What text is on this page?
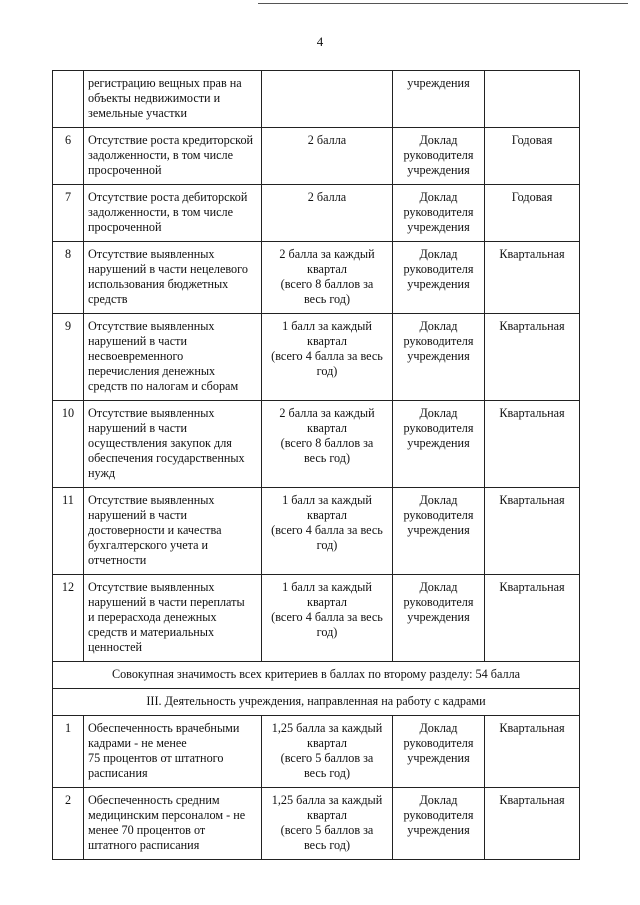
4
	регистрацию вещных прав на
объекты недвижимости и
земельные участки		учреждения	
6	Отсутствие роста кредиторской
задолженности, в том числе
просроченной	2 балла	Доклад
руководителя
учреждения	Годовая
7	Отсутствие роста дебиторской
задолженности, в том числе
просроченной	2 балла	Доклад
руководителя
учреждения	Годовая
8	Отсутствие выявленных
нарушений в части нецелевого
использования бюджетных
средств	2 балла за каждый
квартал
(всего 8 баллов за
весь год)	Доклад
руководителя
учреждения	Квартальная
9	Отсутствие выявленных
нарушений в части
несвоевременного
перечисления денежных
средств по налогам и сборам	1 балл за каждый
квартал
(всего 4 балла за весь
год)	Доклад
руководителя
учреждения	Квартальная
10	Отсутствие выявленных
нарушений в части
осуществления закупок для
обеспечения государственных
нужд	2 балла за каждый
квартал
(всего 8 баллов за
весь год)	Доклад
руководителя
учреждения	Квартальная
11	Отсутствие выявленных
нарушений в части
достоверности и качества
бухгалтерского учета и
отчетности	1 балл за каждый
квартал
(всего 4 балла за весь
год)	Доклад
руководителя
учреждения	Квартальная
12	Отсутствие выявленных
нарушений в части переплаты
и перерасхода денежных
средств и материальных
ценностей	1 балл за каждый
квартал
(всего 4 балла за весь
год)	Доклад
руководителя
учреждения	Квартальная
Совокупная значимость всех критериев в баллах по второму разделу: 54 балла				
III. Деятельность учреждения, направленная на работу с кадрами				
1	Обеспеченность врачебными
кадрами - не менее
75 процентов от штатного
расписания	1,25 балла за каждый
квартал
(всего 5 баллов за
весь год)	Доклад
руководителя
учреждения	Квартальная
2	Обеспеченность средним
медицинским персоналом - не
менее 70 процентов от
штатного расписания	1,25 балла за каждый
квартал
(всего 5 баллов за
весь год)	Доклад
руководителя
учреждения	Квартальная
